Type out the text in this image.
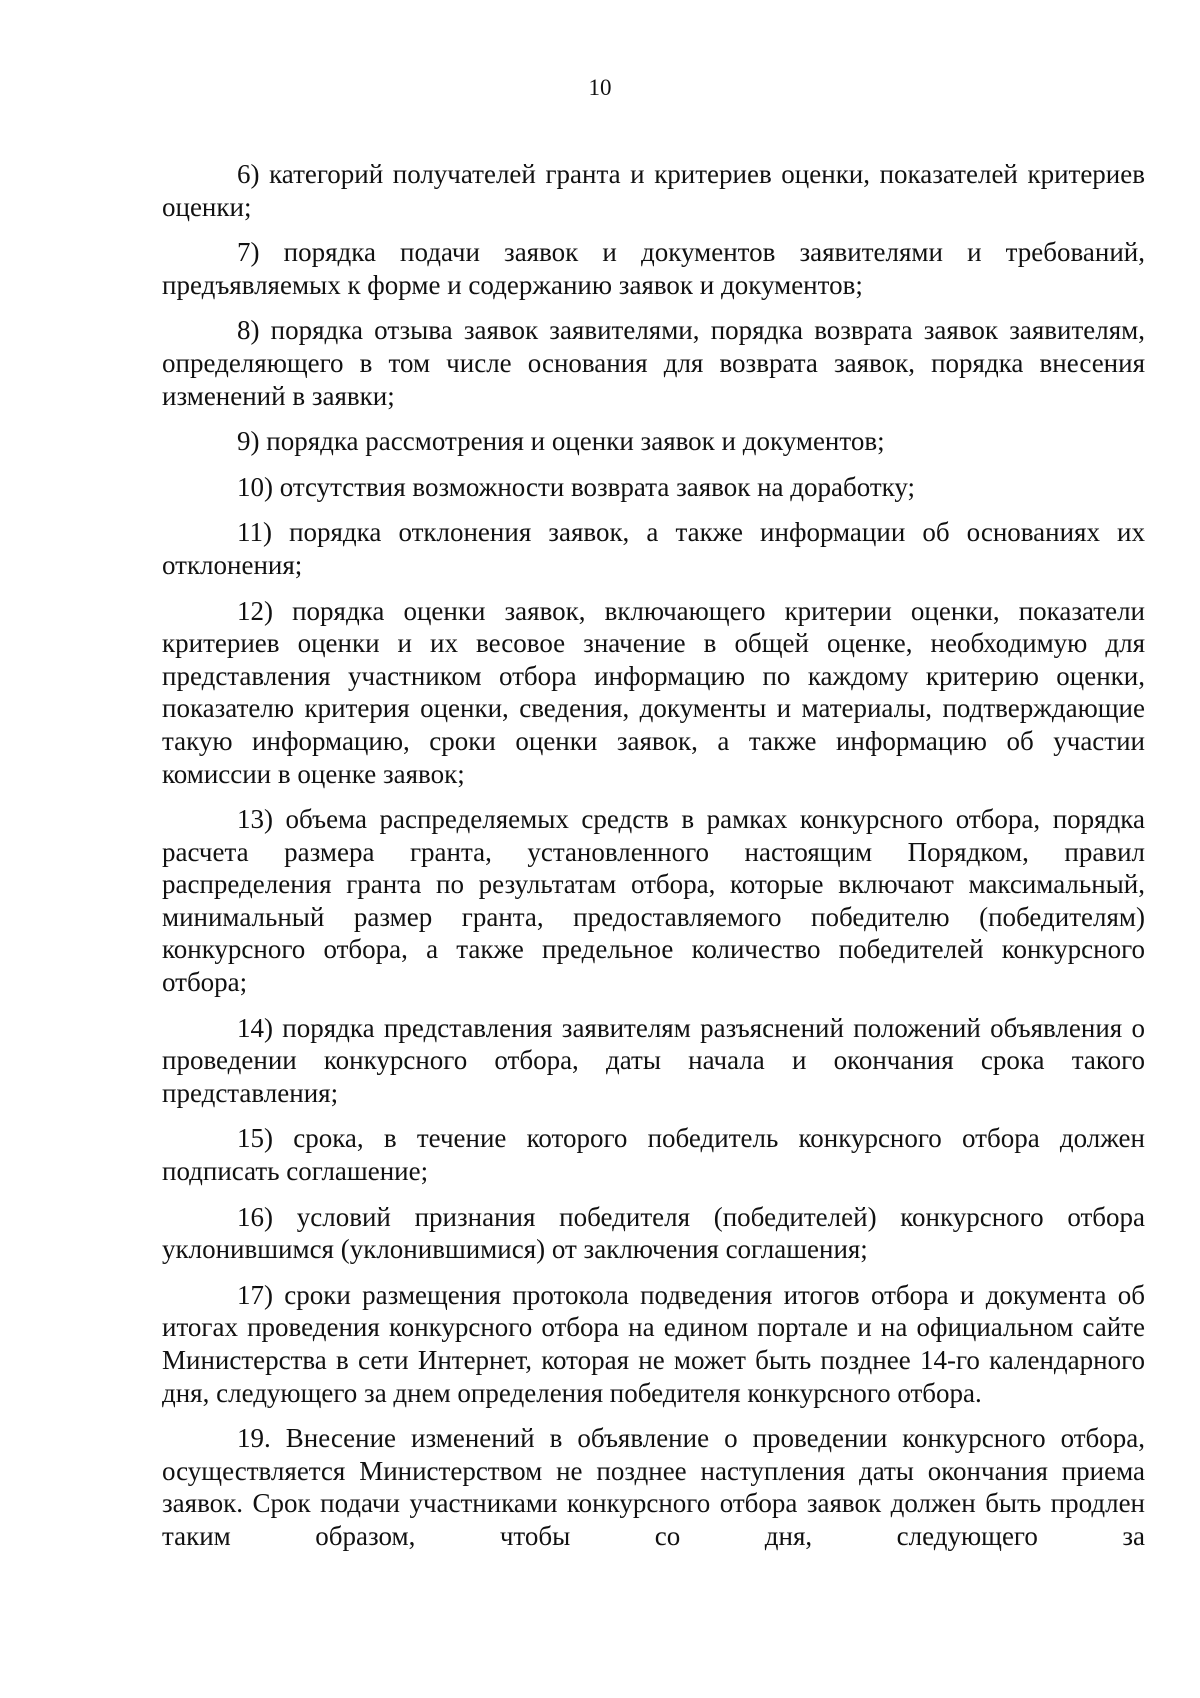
10

6) категорий получателей гранта и критериев оценки, показателей критериев оценки;

7) порядка подачи заявок и документов заявителями и требований, предъявляемых к форме и содержанию заявок и документов;

8) порядка отзыва заявок заявителями, порядка возврата заявок заявителям, определяющего в том числе основания для возврата заявок, порядка внесения изменений в заявки;

9) порядка рассмотрения и оценки заявок и документов;

10) отсутствия возможности возврата заявок на доработку;

11) порядка отклонения заявок, а также информации об основаниях их отклонения;

12) порядка оценки заявок, включающего критерии оценки, показатели критериев оценки и их весовое значение в общей оценке, необходимую для представления участником отбора информацию по каждому критерию оценки, показателю критерия оценки, сведения, документы и материалы, подтверждающие такую информацию, сроки оценки заявок, а также информацию об участии комиссии в оценке заявок;

13) объема распределяемых средств в рамках конкурсного отбора, порядка расчета размера гранта, установленного настоящим Порядком, правил распределения гранта по результатам отбора, которые включают максимальный, минимальный размер гранта, предоставляемого победителю (победителям) конкурсного отбора, а также предельное количество победителей конкурсного отбора;

14) порядка представления заявителям разъяснений положений объявления о проведении конкурсного отбора, даты начала и окончания срока такого представления;

15) срока, в течение которого победитель конкурсного отбора должен подписать соглашение;

16) условий признания победителя (победителей) конкурсного отбора уклонившимся (уклонившимися) от заключения соглашения;

17) сроки размещения протокола подведения итогов отбора и документа об итогах проведения конкурсного отбора на едином портале и на официальном сайте Министерства в сети Интернет, которая не может быть позднее 14-го календарного дня, следующего за днем определения победителя конкурсного отбора.

19. Внесение изменений в объявление о проведении конкурсного отбора, осуществляется Министерством не позднее наступления даты окончания приема заявок. Срок подачи участниками конкурсного отбора заявок должен быть продлен таким образом, чтобы со дня, следующего за
